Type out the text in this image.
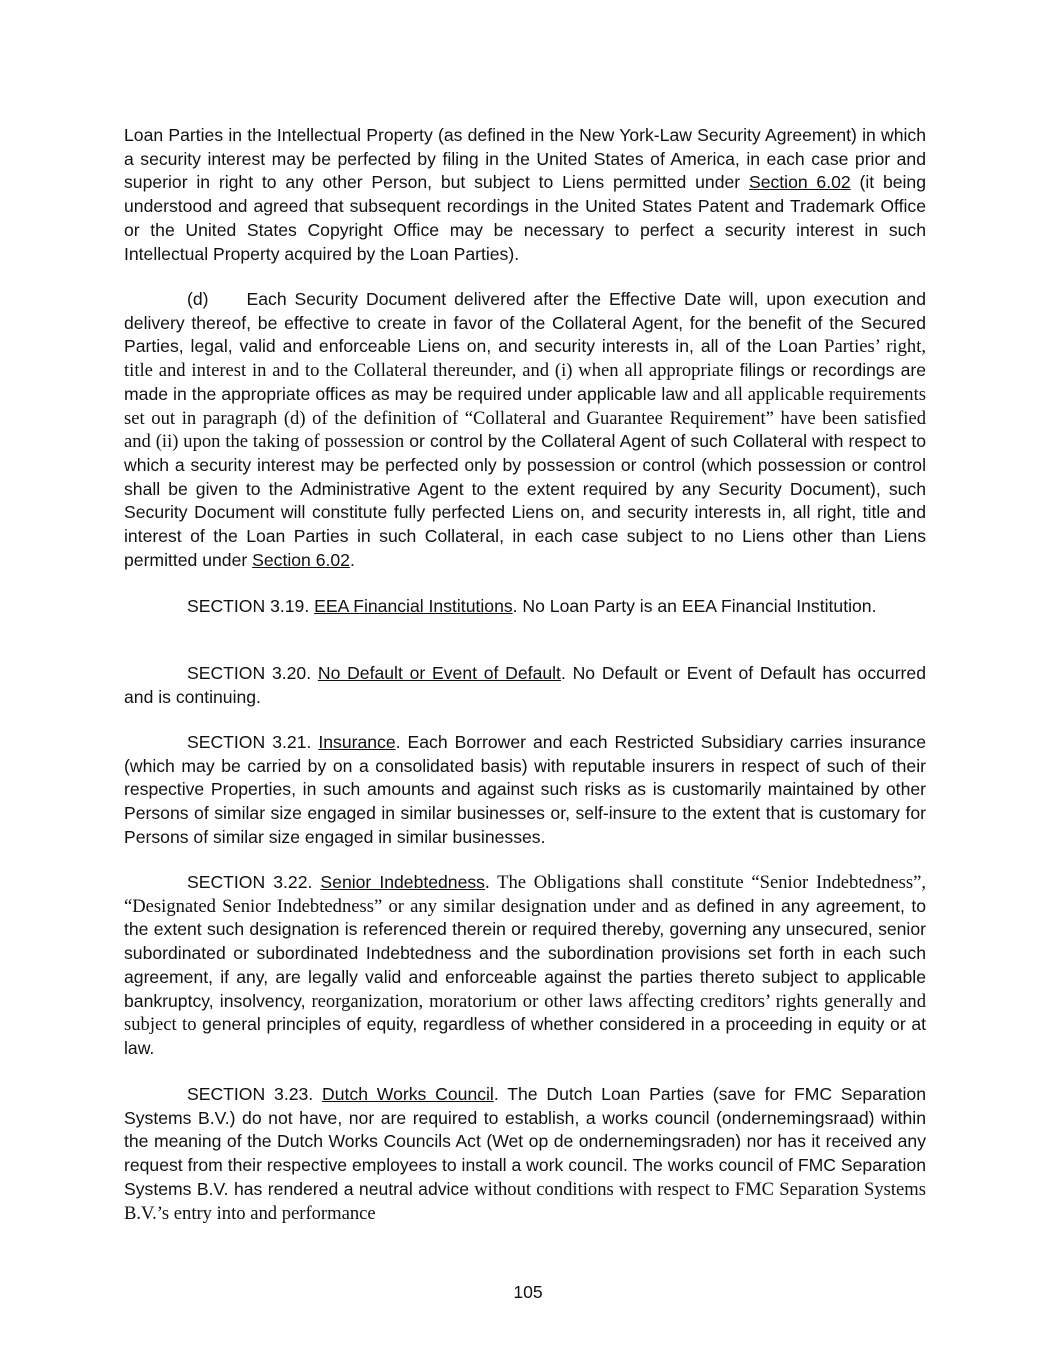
Loan Parties in the Intellectual Property (as defined in the New York-Law Security Agreement) in which a security interest may be perfected by filing in the United States of America, in each case prior and superior in right to any other Person, but subject to Liens permitted under Section 6.02 (it being understood and agreed that subsequent recordings in the United States Patent and Trademark Office or the United States Copyright Office may be necessary to perfect a security interest in such Intellectual Property acquired by the Loan Parties).

(d) Each Security Document delivered after the Effective Date will, upon execution and delivery thereof, be effective to create in favor of the Collateral Agent, for the benefit of the Secured Parties, legal, valid and enforceable Liens on, and security interests in, all of the Loan Parties’ right, title and interest in and to the Collateral thereunder, and (i) when all appropriate filings or recordings are made in the appropriate offices as may be required under applicable law and all applicable requirements set out in paragraph (d) of the definition of “Collateral and Guarantee Requirement” have been satisfied and (ii) upon the taking of possession or control by the Collateral Agent of such Collateral with respect to which a security interest may be perfected only by possession or control (which possession or control shall be given to the Administrative Agent to the extent required by any Security Document), such Security Document will constitute fully perfected Liens on, and security interests in, all right, title and interest of the Loan Parties in such Collateral, in each case subject to no Liens other than Liens permitted under Section 6.02.

SECTION 3.19. EEA Financial Institutions. No Loan Party is an EEA Financial Institution.

SECTION 3.20. No Default or Event of Default. No Default or Event of Default has occurred and is continuing.

SECTION 3.21. Insurance. Each Borrower and each Restricted Subsidiary carries insurance (which may be carried by on a consolidated basis) with reputable insurers in respect of such of their respective Properties, in such amounts and against such risks as is customarily maintained by other Persons of similar size engaged in similar businesses or, self-insure to the extent that is customary for Persons of similar size engaged in similar businesses.

SECTION 3.22. Senior Indebtedness. The Obligations shall constitute “Senior Indebtedness”, “Designated Senior Indebtedness” or any similar designation under and as defined in any agreement, to the extent such designation is referenced therein or required thereby, governing any unsecured, senior subordinated or subordinated Indebtedness and the subordination provisions set forth in each such agreement, if any, are legally valid and enforceable against the parties thereto subject to applicable bankruptcy, insolvency, reorganization, moratorium or other laws affecting creditors’ rights generally and subject to general principles of equity, regardless of whether considered in a proceeding in equity or at law.

SECTION 3.23. Dutch Works Council. The Dutch Loan Parties (save for FMC Separation Systems B.V.) do not have, nor are required to establish, a works council (ondernemingsraad) within the meaning of the Dutch Works Councils Act (Wet op de ondernemingsraden) nor has it received any request from their respective employees to install a work council. The works council of FMC Separation Systems B.V. has rendered a neutral advice without conditions with respect to FMC Separation Systems B.V.’s entry into and performance

105
